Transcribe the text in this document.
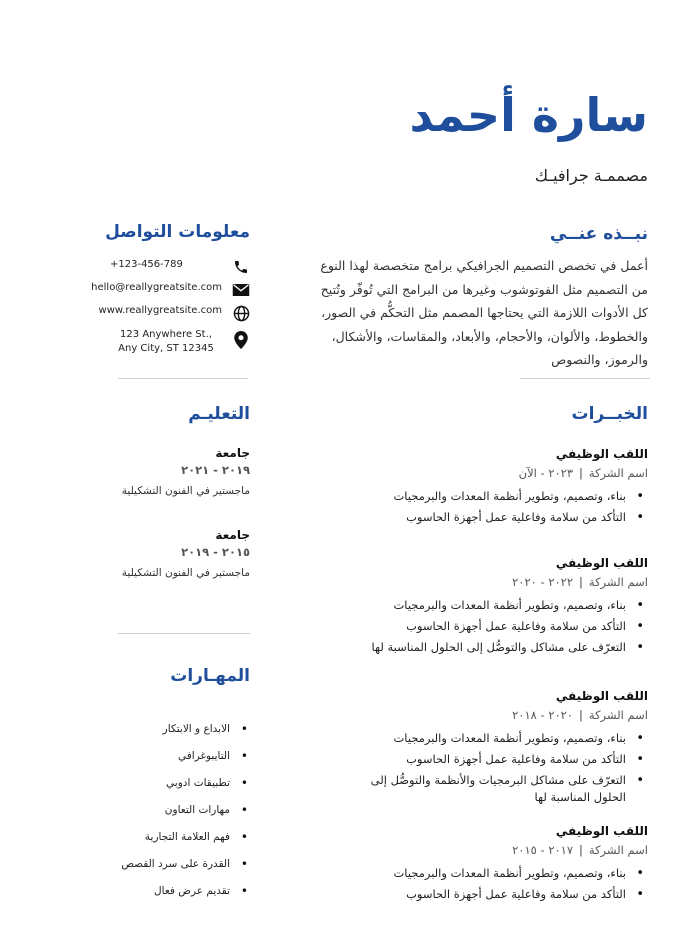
سارة أحمد
مصممـة جرافيـك
نبــذه عنــي
أعمل في تخصص التصميم الجرافيكي برامج متخصصة لهذا النوع من التصميم مثل الفوتوشوب وغيرها من البرامج التي تُوفّر وتُتيح كل الأدوات اللازمة التي يحتاجها المصمم مثل التحكُّم في الصور، والخطوط، والألوان، والأحجام، والأبعاد، والمقاسات، والأشكال، والرموز، والنصوص
معلومات التواصل
+123-456-789
hello@reallygreatsite.com
www.reallygreatsite.com
123 Anywhere St.,
Any City, ST 12345
الخبــرات
اللقب الوظيفي
اسم الشركة|٢٠٢٣ - الآن
• بناء، وتصميم، وتطوير أنظمة المعدات والبرمجيات
• التأكد من سلامة وفاعلية عمل أجهزة الحاسوب
اللقب الوظيفي
اسم الشركة|٢٠٢٢ - ٢٠٢٠
• بناء، وتصميم، وتطوير أنظمة المعدات والبرمجيات
• التأكد من سلامة وفاعلية عمل أجهزة الحاسوب
• التعرّف على مشاكل والتوصُّل إلى الحلول المناسبة لها
اللقب الوظيفي
اسم الشركة|٢٠٢٠ - ٢٠١٨
• بناء، وتصميم، وتطوير أنظمة المعدات والبرمجيات
• التأكد من سلامة وفاعلية عمل أجهزة الحاسوب
• التعرّف على مشاكل البرمجيات والأنظمة والتوصُّل إلى الحلول المناسبة لها
اللقب الوظيفي
اسم الشركة|٢٠١٧ - ٢٠١٥
• بناء، وتصميم، وتطوير أنظمة المعدات والبرمجيات
• التأكد من سلامة وفاعلية عمل أجهزة الحاسوب
التعليـم
جامعة
٢٠١٩ - ٢٠٢١
ماجستير في الفنون التشكيلية
جامعة
٢٠١٥ - ٢٠١٩
ماجستير في الفنون التشكيلية
المهـارات
• الابداع و الابتكار
• التايبوغرافي
• تطبيقات ادوبي
• مهارات التعاون
• فهم العلامة التجارية
• القدرة على سرد القصص
• تقديم عرض فعال
